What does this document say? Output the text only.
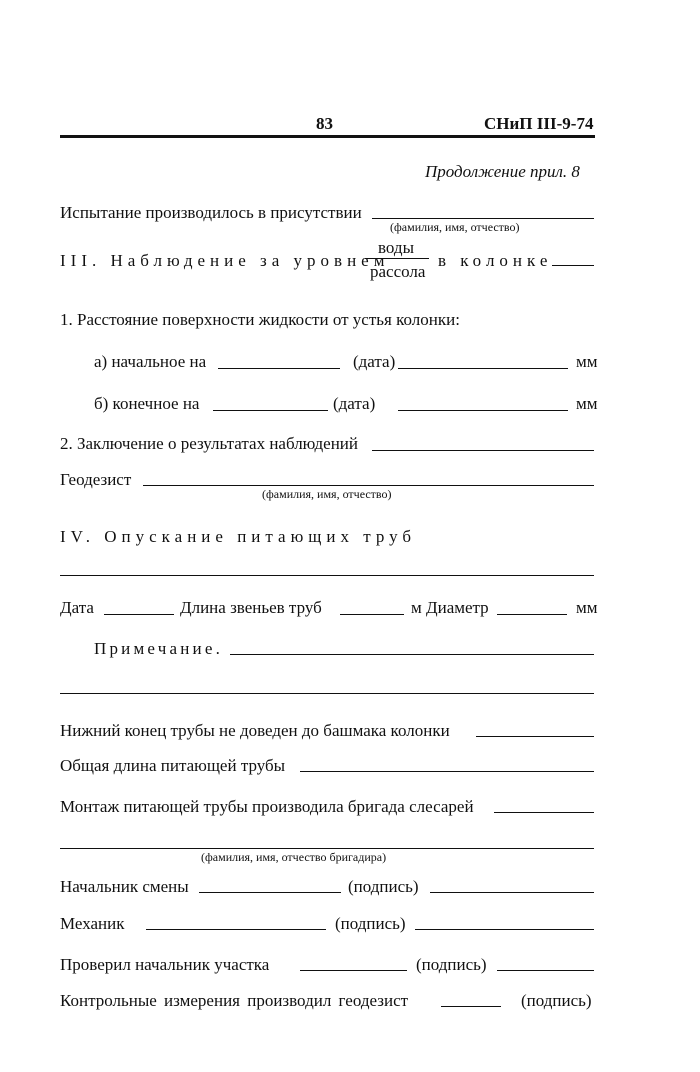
83	СНиП III-9-74
Продолжение прил. 8
Испытание производилось в присутствии
(фамилия, имя, отчество)
III. Наблюдение за уровнем
воды
рассола
в колонке
1. Расстояние поверхности жидкости от устья колонки:
а) начальное на	(дата)	мм
б) конечное на	(дата)	мм
2. Заключение о результатах наблюдений
Геодезист
(фамилия, имя, отчество)
IV. Опускание питающих труб
Дата	Длина звеньев труб	м Диаметр	мм
Примечание.
Нижний конец трубы не доведен до башмака колонки
Общая длина питающей трубы
Монтаж питающей трубы производила бригада слесарей
(фамилия, имя, отчество бригадира)
Начальник смены	(подпись)
Механик	(подпись)
Проверил начальник участка	(подпись)
Контрольные измерения производил геодезист	(подпись)
